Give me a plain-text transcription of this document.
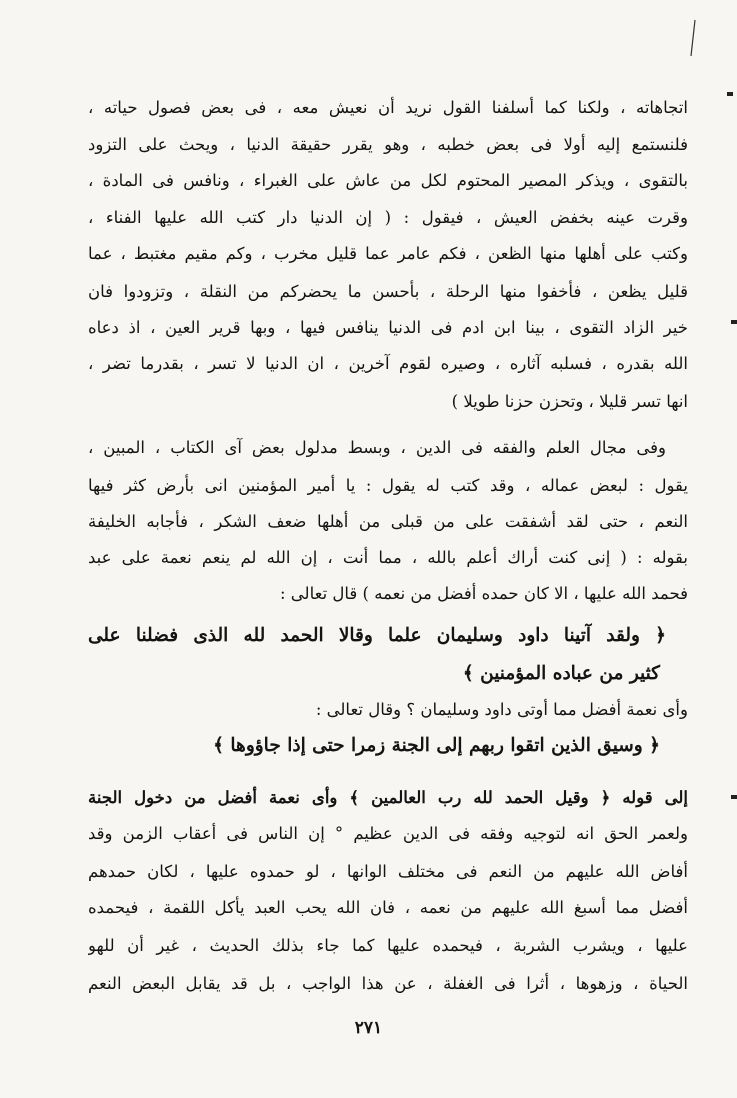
اتجاهاته ، ولكنا كما أسلفنا القول نريد أن نعيش معه ، فى بعض فصول حياته ،
فلنستمع إليه أولا فى بعض خطبه ، وهو يقرر حقيقة الدنيا ، ويحث على التزود
بالتقوى ، ويذكر المصير المحتوم لكل من عاش على الغبراء ، ونافس فى المادة ،
وقرت عينه بخفض العيش ، فيقول : ( إن الدنيا دار كتب الله عليها الفناء ،
وكتب على أهلها منها الظعن ، فكم عامر عما قليل مخرب ، وكم مقيم مغتبط ، عما
قليل يظعن ، فأخفوا منها الرحلة ، بأحسن ما يحضركم من النقلة ، وتزودوا فان
خير الزاد التقوى ، بينا ابن ادم فى الدنيا ينافس فيها ، وبها قرير العين ، اذ دعاه
الله بقدره ، فسلبه آثاره ، وصيره لقوم آخرين ، ان الدنيا لا تسر ، بقدرما تضر ،
انها تسر قليلا ، وتحزن حزنا طويلا )
وفى مجال العلم والفقه فى الدين ، وبسط مدلول بعض آى الكتاب ، المبين ،
يقول : لبعض عماله ، وقد كتب له يقول : يا أمير المؤمنين انى بأرض كثر فيها
النعم ، حتى لقد أشفقت على من قبلى من أهلها ضعف الشكر ، فأجابه الخليفة
بقوله : ( إنى كنت أراك أعلم بالله ، مما أنت ، إن الله لم ينعم نعمة على عبد
فحمد الله عليها ، الا كان حمده أفضل من نعمه ) قال تعالى :
﴿ ولقد آتينا داود وسليمان علما وقالا الحمد لله الذى فضلنا على
كثير من عباده المؤمنين ﴾
وأى نعمة أفضل مما أوتى داود وسليمان ؟ وقال تعالى :
﴿ وسيق الذين اتقوا ربهم إلى الجنة زمرا حتى إذا جاؤوها ﴾
إلى قوله ﴿ وقيل الحمد لله رب العالمين ﴾ وأى نعمة أفضل من دخول الجنة
ولعمر الحق انه لتوجيه وفقه فى الدين عظيم ° إن الناس فى أعقاب الزمن وقد
أفاض الله عليهم من النعم فى مختلف الوانها ، لو حمدوه عليها ، لكان حمدهم
أفضل مما أسبغ الله عليهم من نعمه ، فان الله يحب العبد يأكل اللقمة ، فيحمده
عليها ، ويشرب الشربة ، فيحمده عليها كما جاء بذلك الحديث ، غير أن للهو
الحياة ، وزهوها ، أثرا فى الغفلة ، عن هذا الواجب ، بل قد يقابل البعض النعم
٢٧١
